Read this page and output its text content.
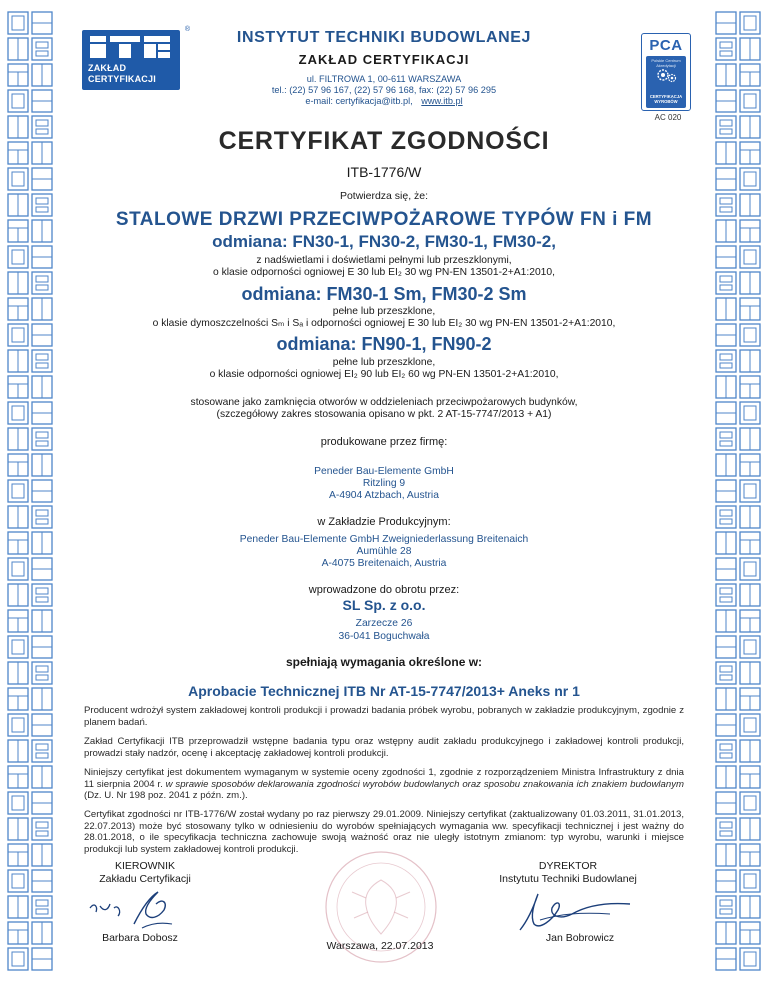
ZAKŁAD
CERTYFIKACJI
®
PCA
Polskie Centrum Akredytacji
CERTYFIKACJA WYROBÓW
AC 020
INSTYTUT TECHNIKI BUDOWLANEJ
ZAKŁAD CERTYFIKACJI
ul. FILTROWA 1, 00-611 WARSZAWA
tel.: (22) 57 96 167, (22) 57 96 168, fax: (22) 57 96 295
e-mail: certyfikacja@itb.pl, www.itb.pl
CERTYFIKAT ZGODNOŚCI
ITB-1776/W
Potwierdza się, że:
STALOWE DRZWI PRZECIWPOŻAROWE TYPÓW FN i FM
odmiana: FN30-1, FN30-2, FM30-1, FM30-2,
z nadświetlami i doświetlami pełnymi lub przeszklonymi,
o klasie odporności ogniowej E 30 lub EI₂ 30 wg PN-EN 13501-2+A1:2010,
odmiana: FM30-1 Sm, FM30-2 Sm
pełne lub przeszklone,
o klasie dymoszczelności Sₘ i Sₐ i odporności ogniowej E 30 lub EI₂ 30 wg PN-EN 13501-2+A1:2010,
odmiana: FN90-1, FN90-2
pełne lub przeszklone,
o klasie odporności ogniowej EI₂ 90 lub EI₂ 60 wg PN-EN 13501-2+A1:2010,
stosowane jako zamknięcia otworów w oddzieleniach przeciwpożarowych budynków,
(szczegółowy zakres stosowania opisano w pkt. 2 AT-15-7747/2013 + A1)
produkowane przez firmę:
Peneder Bau-Elemente GmbH
Ritzling 9
A-4904 Atzbach, Austria
w Zakładzie Produkcyjnym:
Peneder Bau-Elemente GmbH Zweigniederlassung Breitenaich
Aumühle 28
A-4075 Breitenaich, Austria
wprowadzone do obrotu przez:
SL Sp. z o.o.
Zarzecze 26
36-041 Boguchwała
spełniają wymagania określone w:
Aprobacie Technicznej ITB Nr AT-15-7747/2013+ Aneks nr 1

Producent wdrożył system zakładowej kontroli produkcji i prowadzi badania próbek wyrobu, pobranych w zakładzie produkcyjnym, zgodnie z planem badań.

Zakład Certyfikacji ITB przeprowadził wstępne badania typu oraz wstępny audit zakładu produkcyjnego i zakładowej kontroli produkcji, prowadzi stały nadzór, ocenę i akceptację zakładowej kontroli produkcji.

Niniejszy certyfikat jest dokumentem wymaganym w systemie oceny zgodności 1, zgodnie z rozporządzeniem Ministra Infrastruktury z dnia 11 sierpnia 2004 r. w sprawie sposobów deklarowania zgodności wyrobów budowlanych oraz sposobu znakowania ich znakiem budowlanym (Dz. U. Nr 198 poz. 2041 z późn. zm.).

Certyfikat zgodności nr ITB-1776/W został wydany po raz pierwszy 29.01.2009. Niniejszy certyfikat (zaktualizowany 01.03.2011, 31.01.2013, 22.07.2013) może być stosowany tylko w odniesieniu do wyrobów spełniających wymagania ww. specyfikacji technicznej i jest ważny do 28.01.2018, o ile specyfikacja techniczna zachowuje swoją ważność oraz nie uległy istotnym zmianom: typ wyrobu, warunki i miejsce produkcji lub system zakładowej kontroli produkcji.

KIEROWNIK
Zakładu Certyfikacji
Barbara Dobosz
DYREKTOR
Instytutu Techniki Budowlanej
Jan Bobrowicz
Warszawa, 22.07.2013
